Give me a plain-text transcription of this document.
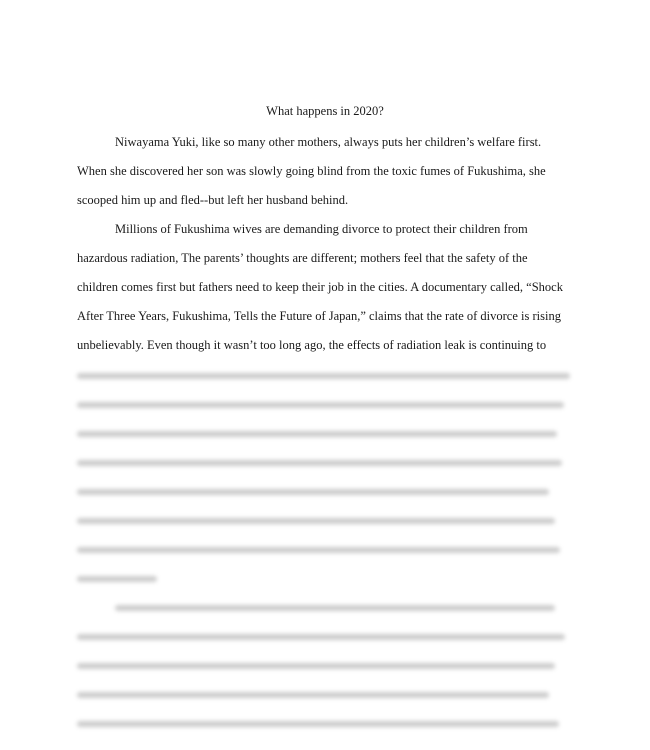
What happens in 2020?
Niwayama Yuki, like so many other mothers, always puts her children’s welfare first.
When she discovered her son was slowly going blind from the toxic fumes of Fukushima, she
scooped him up and fled--but left her husband behind.
Millions of Fukushima wives are demanding divorce to protect their children from
hazardous radiation, The parents’ thoughts are different; mothers feel that the safety of the
children comes first but fathers need to keep their job in the cities. A documentary called, “Shock
After Three Years, Fukushima, Tells the Future of Japan,” claims that the rate of divorce is rising
unbelievably. Even though it wasn’t too long ago, the effects of radiation leak is continuing to
